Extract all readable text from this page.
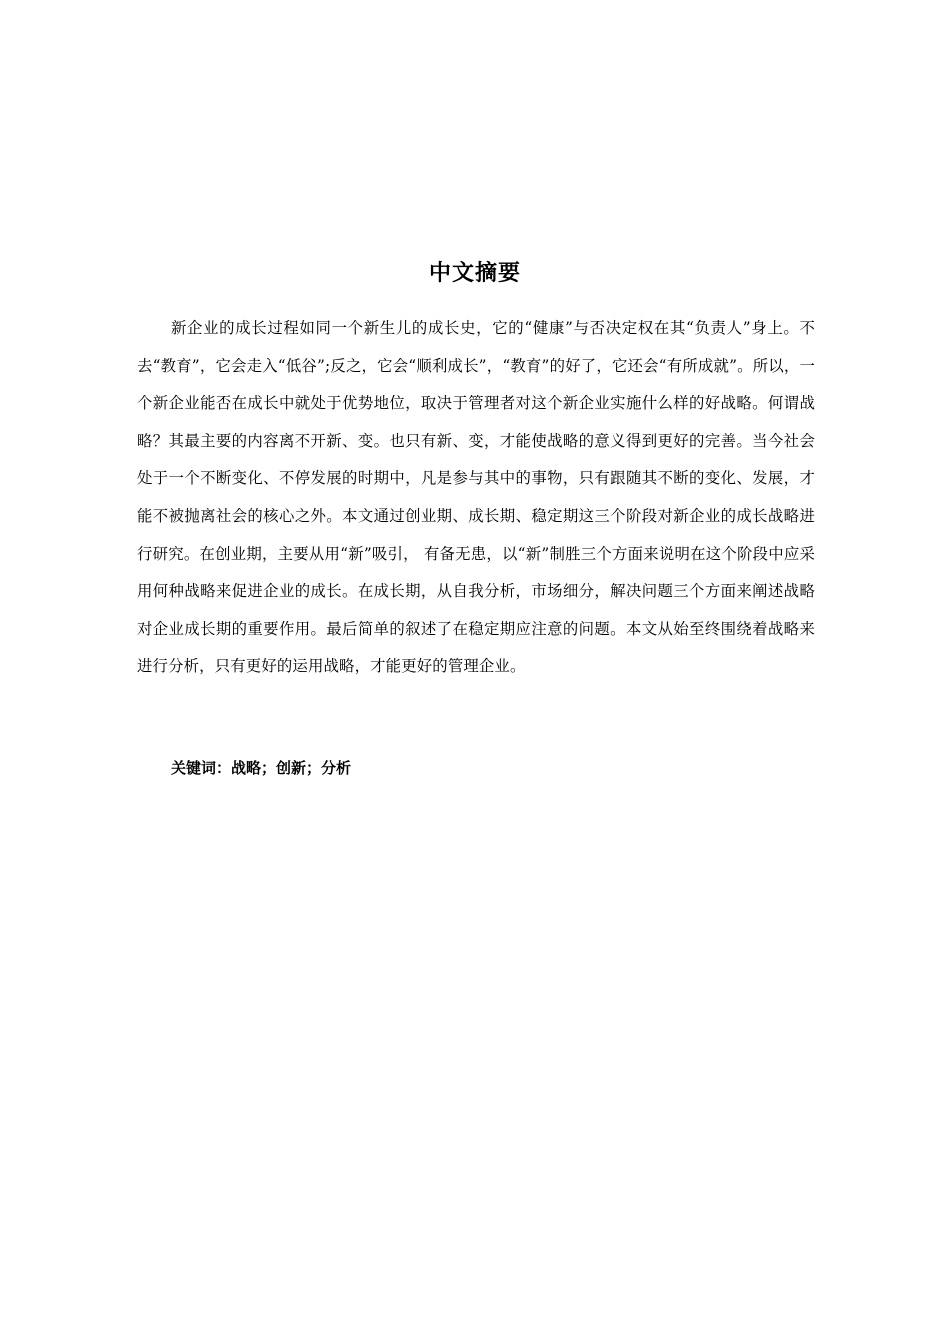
中文摘要

新企业的成长过程如同一个新生儿的成长史，它的“健康”与否决定权在其“负责人”身上。不去“教育”，它会走入“低谷”;反之，它会“顺利成长”，“教育”的好了，它还会“有所成就”。所以，一个新企业能否在成长中就处于优势地位，取决于管理者对这个新企业实施什么样的好战略。何谓战略？其最主要的内容离不开新、变。也只有新、变，才能使战略的意义得到更好的完善。当今社会处于一个不断变化、不停发展的时期中，凡是参与其中的事物，只有跟随其不断的变化、发展，才能不被抛离社会的核心之外。本文通过创业期、成长期、稳定期这三个阶段对新企业的成长战略进行研究。在创业期，主要从用“新”吸引， 有备无患，以“新”制胜三个方面来说明在这个阶段中应采用何种战略来促进企业的成长。在成长期，从自我分析，市场细分，解决问题三个方面来阐述战略对企业成长期的重要作用。最后简单的叙述了在稳定期应注意的问题。本文从始至终围绕着战略来进行分析，只有更好的运用战略，才能更好的管理企业。

关键词：战略；创新；分析
